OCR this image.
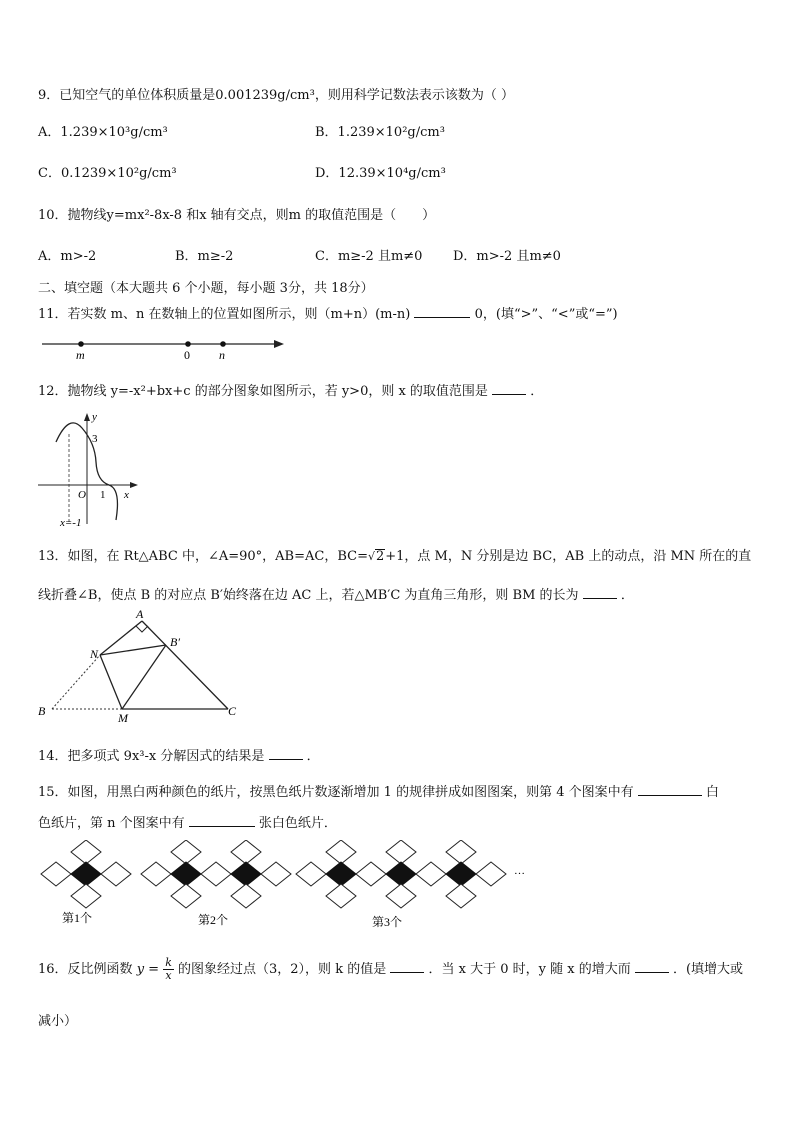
9．已知空气的单位体积质量是0.001239g/cm³，则用科学记数法表示该数为（ ）
A．1.239×10³g/cm³	B．1.239×10²g/cm³
C．0.1239×10²g/cm³	D．12.39×10⁴g/cm³
10．抛物线y=mx²-8x-8 和x 轴有交点，则m 的取值范围是（　　）
A．m>-2	B．m≥-2	C．m≥-2 且m≠0 D．m>-2 且m≠0
二、填空题（本大题共 6 个小题，每小题 3分，共 18分）
11．若实数 m、n 在数轴上的位置如图所示，则（m+n）(m-n)	0，(填“>”、“<”或“=”)
m	0 n
12．抛物线 y=-x²+bx+c 的部分图象如图所示，若 y>0，则 x 的取值范围是	．
y
3
O 1 x
x=-1
13．如图，在 Rt△ABC 中，∠A=90°，AB=AC，BC=√2+1，点 M，N 分别是边 BC，AB 上的动点，沿 MN 所在的直
线折叠∠B，使点 B 的对应点 B′始终落在边 AC 上，若△MB′C 为直角三角形，则 BM 的长为	．
A
B′
N
B	M	C
14．把多项式 9x³-x 分解因式的结果是	．
15．如图，用黑白两种颜色的纸片，按黑色纸片数逐渐增加 1 的规律拼成如图图案，则第 4 个图案中有	白
色纸片，第 n 个图案中有	张白色纸片．
…
第1个	第2个	第3个
16．反比例函数 $y = \frac{k}{x}$ 的图象经过点（3，2），则 k 的值是	．当 x 大于 0 时，y 随 x 的增大而	．(填增大或
减小）
